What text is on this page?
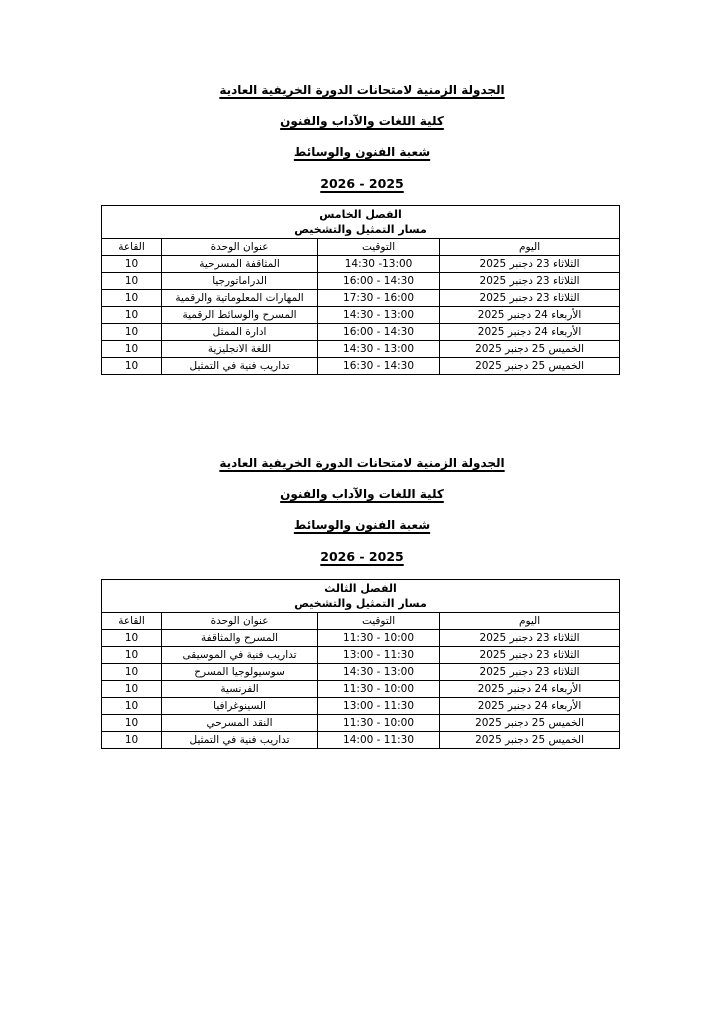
الجدولة الزمنية لامتحانات الدورة الخريفية العادية
كلية اللغات والآداب والفنون
شعبة الفنون والوسائط
2026 - 2025
الفصل الخامس
مسار التمثيل والتشخيص			

اليوم	التوقيت	عنوان الوحدة	القاعة
الثلاثاء 23 دجنبر 2025	14:30 -13:00	المثاقفة المسرحية	10
الثلاثاء 23 دجنبر 2025	16:00 - 14:30	الدراماتورجيا	10
الثلاثاء 23 دجنبر 2025	17:30 - 16:00	المهارات المعلوماتية والرقمية	10
الأربعاء 24 دجنبر 2025	14:30 - 13:00	المسرح والوسائط الرقمية	10
الأربعاء 24 دجنبر 2025	16:00 - 14:30	ادارة الممثل	10
الخميس 25 دجنبر 2025	14:30 - 13:00	اللغة الانجليزية	10
الخميس 25 دجنبر 2025	16:30 - 14:30	تداريب فنية في التمثيل	10
الجدولة الزمنية لامتحانات الدورة الخريفية العادية
كلية اللغات والآداب والفنون
شعبة الفنون والوسائط
2026 - 2025
الفصل الثالث
مسار التمثيل والتشخيص			

اليوم	التوقيت	عنوان الوحدة	القاعة
الثلاثاء 23 دجنبر 2025	11:30 - 10:00	المسرح والمثاقفة	10
الثلاثاء 23 دجنبر 2025	13:00 - 11:30	تداريب فنية في الموسيقى	10
الثلاثاء 23 دجنبر 2025	14:30 - 13:00	سوسيولوجيا المسرح	10
الأربعاء 24 دجنبر 2025	11:30 - 10:00	الفرنسية	10
الأربعاء 24 دجنبر 2025	13:00 - 11:30	السينوغرافيا	10
الخميس 25 دجنبر 2025	11:30 - 10:00	النقد المسرحي	10
الخميس 25 دجنبر 2025	14:00 - 11:30	تداريب فنية في التمثيل	10
